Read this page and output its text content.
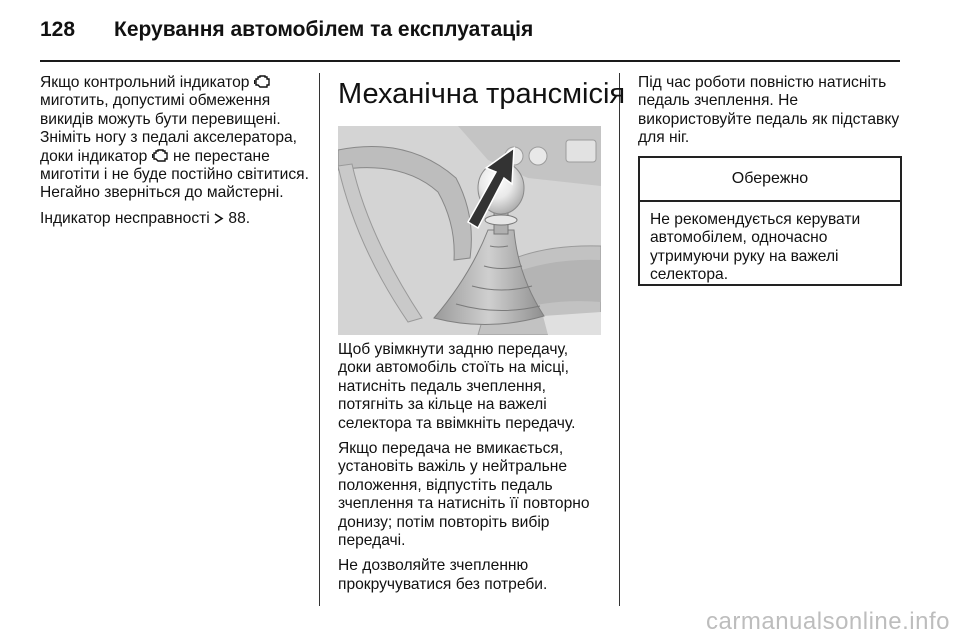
128 Керування автомобілем та експлуатація

Якщо контрольний індикатор  миготить, допустимі обмеження викидів можуть бути перевищені. Зніміть ногу з педалі акселератора, доки індикатор  не перестане миготіти і не буде постійно світитися. Негайно зверніться до майстерні.

Індикатор несправності  88.

Механічна трансмісія

Щоб увімкнути задню передачу, доки автомобіль стоїть на місці, натисніть педаль зчеплення, потягніть за кільце на важелі селектора та ввімкніть передачу.

Якщо передача не вмикається, установіть важіль у нейтральне положення, відпустіть педаль зчеплення та натисніть її повторно донизу; потім повторіть вибір передачі.

Не дозволяйте зчепленню прокручуватися без потреби.

Під час роботи повністю натисніть педаль зчеплення. Не використовуйте педаль як підставку для ніг.

Обережно
Не рекомендується керувати автомобілем, одночасно утримуючи руку на важелі селектора.
carmanualsonline.info
